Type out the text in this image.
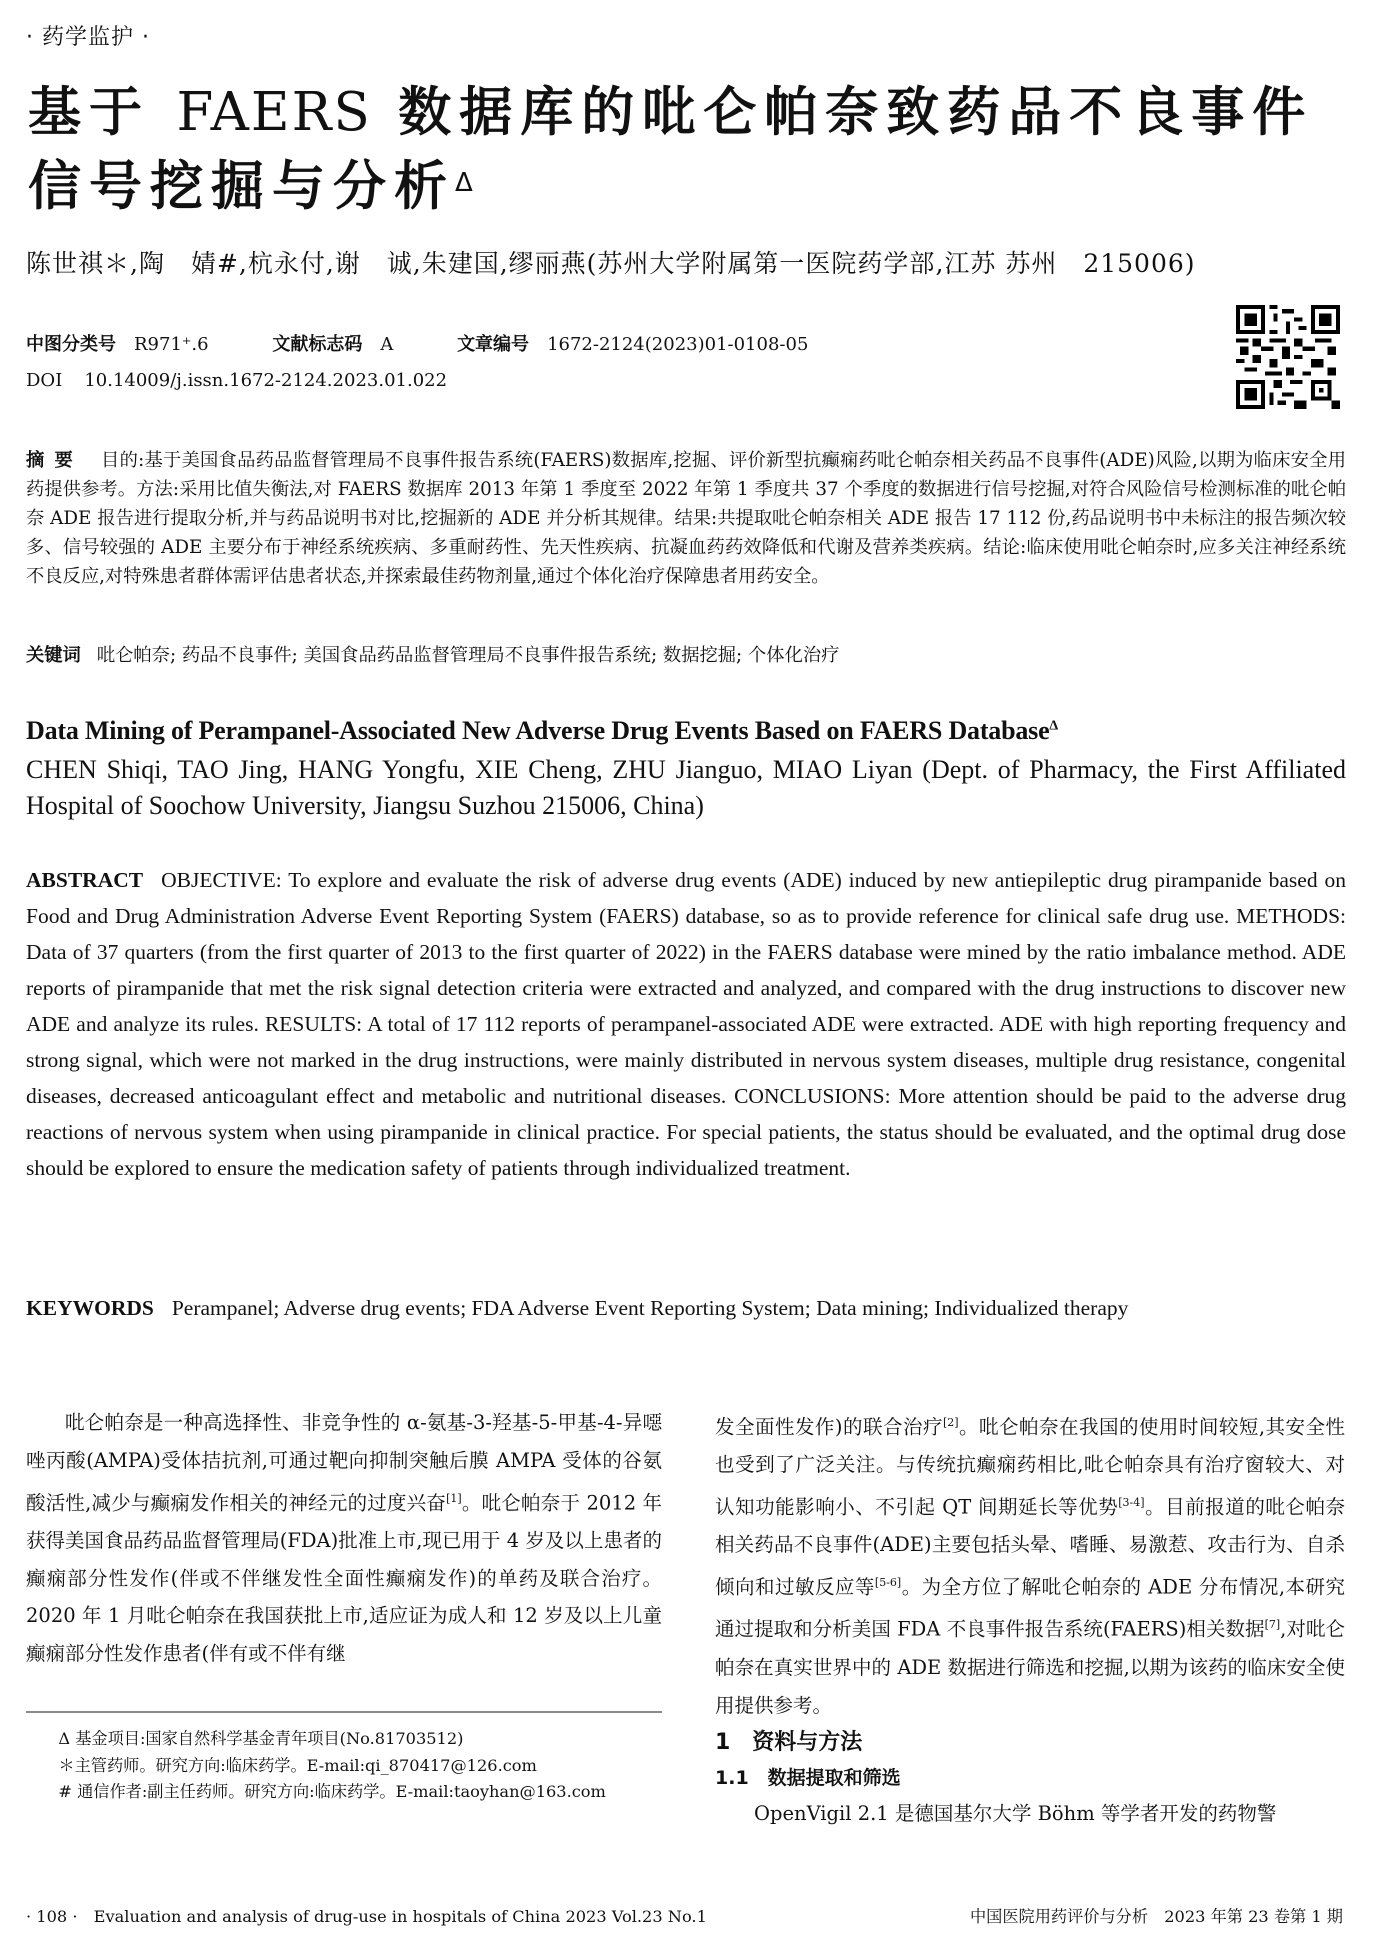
· 药学监护 ·
基于 FAERS 数据库的吡仑帕奈致药品不良事件
信号挖掘与分析$^\Delta$
陈世祺＊,陶　婧#,杭永付,谢　诚,朱建国,缪丽燕(苏州大学附属第一医院药学部,江苏 苏州　215006)
中图分类号 R971⁺.6	文献标志码 A	文章编号 1672-2124(2023)01-0108-05
DOI 10.14009/j.issn.1672-2124.2023.01.022
摘要 目的:基于美国食品药品监督管理局不良事件报告系统(FAERS)数据库,挖掘、评价新型抗癫痫药吡仑帕奈相关药品不良事件(ADE)风险,以期为临床安全用药提供参考。方法:采用比值失衡法,对 FAERS 数据库 2013 年第 1 季度至 2022 年第 1 季度共 37 个季度的数据进行信号挖掘,对符合风险信号检测标准的吡仑帕奈 ADE 报告进行提取分析,并与药品说明书对比,挖掘新的 ADE 并分析其规律。结果:共提取吡仑帕奈相关 ADE 报告 17 112 份,药品说明书中未标注的报告频次较多、信号较强的 ADE 主要分布于神经系统疾病、多重耐药性、先天性疾病、抗凝血药药效降低和代谢及营养类疾病。结论:临床使用吡仑帕奈时,应多关注神经系统不良反应,对特殊患者群体需评估患者状态,并探索最佳药物剂量,通过个体化治疗保障患者用药安全。
关键词 吡仑帕奈; 药品不良事件; 美国食品药品监督管理局不良事件报告系统; 数据挖掘; 个体化治疗
Data Mining of Perampanel-Associated New Adverse Drug Events Based on FAERS Database$^\Delta$
CHEN Shiqi, TAO Jing, HANG Yongfu, XIE Cheng, ZHU Jianguo, MIAO Liyan (Dept. of Pharmacy, the First Affiliated Hospital of Soochow University, Jiangsu Suzhou 215006, China)
ABSTRACT OBJECTIVE: To explore and evaluate the risk of adverse drug events (ADE) induced by new antiepileptic drug pirampanide based on Food and Drug Administration Adverse Event Reporting System (FAERS) database, so as to provide reference for clinical safe drug use. METHODS: Data of 37 quarters (from the first quarter of 2013 to the first quarter of 2022) in the FAERS database were mined by the ratio imbalance method. ADE reports of pirampanide that met the risk signal detection criteria were extracted and analyzed, and compared with the drug instructions to discover new ADE and analyze its rules. RESULTS: A total of 17 112 reports of perampanel-associated ADE were extracted. ADE with high reporting frequency and strong signal, which were not marked in the drug instructions, were mainly distributed in nervous system diseases, multiple drug resistance, congenital diseases, decreased anticoagulant effect and metabolic and nutritional diseases. CONCLUSIONS: More attention should be paid to the adverse drug reactions of nervous system when using pirampanide in clinical practice. For special patients, the status should be evaluated, and the optimal drug dose should be explored to ensure the medication safety of patients through individualized treatment.
KEYWORDS Perampanel; Adverse drug events; FDA Adverse Event Reporting System; Data mining; Individualized therapy

吡仑帕奈是一种高选择性、非竞争性的 α-氨基-3-羟基-5-甲基-4-异噁唑丙酸(AMPA)受体拮抗剂,可通过靶向抑制突触后膜 AMPA 受体的谷氨酸活性,减少与癫痫发作相关的神经元的过度兴奋[1]。吡仑帕奈于 2012 年获得美国食品药品监督管理局(FDA)批准上市,现已用于 4 岁及以上患者的癫痫部分性发作(伴或不伴继发性全面性癫痫发作)的单药及联合治疗。2020 年 1 月吡仑帕奈在我国获批上市,适应证为成人和 12 岁及以上儿童癫痫部分性发作患者(伴有或不伴有继

Δ 基金项目:国家自然科学基金青年项目(No.81703512)

＊主管药师。研究方向:临床药学。E-mail:qi_870417@126.com

# 通信作者:副主任药师。研究方向:临床药学。E-mail:taoyhan@163.com

发全面性发作)的联合治疗[2]。吡仑帕奈在我国的使用时间较短,其安全性也受到了广泛关注。与传统抗癫痫药相比,吡仑帕奈具有治疗窗较大、对认知功能影响小、不引起 QT 间期延长等优势[3-4]。目前报道的吡仑帕奈相关药品不良事件(ADE)主要包括头晕、嗜睡、易激惹、攻击行为、自杀倾向和过敏反应等[5-6]。为全方位了解吡仑帕奈的 ADE 分布情况,本研究通过提取和分析美国 FDA 不良事件报告系统(FAERS)相关数据[7],对吡仑帕奈在真实世界中的 ADE 数据进行筛选和挖掘,以期为该药的临床安全使用提供参考。

1　资料与方法
1.1　数据提取和筛选

OpenVigil 2.1 是德国基尔大学 Böhm 等学者开发的药物警

· 108 ·　Evaluation and analysis of drug-use in hospitals of China 2023 Vol.23 No.1	中国医院用药评价与分析　2023 年第 23 卷第 1 期
